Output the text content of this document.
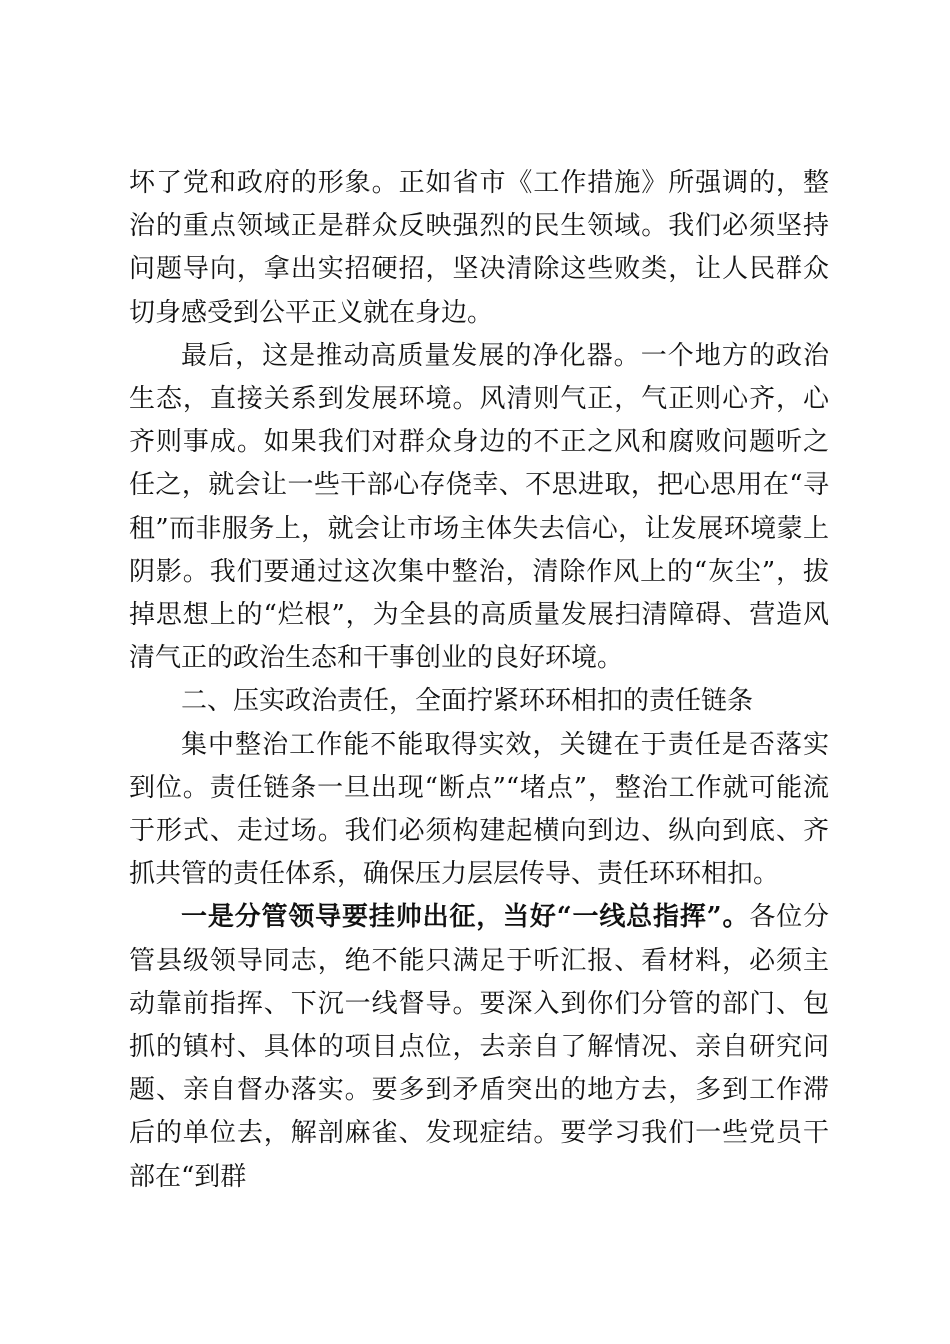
坏了党和政府的形象。正如省市《工作措施》所强调的，整治的重点领域正是群众反映强烈的民生领域。我们必须坚持问题导向，拿出实招硬招，坚决清除这些败类，让人民群众切身感受到公平正义就在身边。

最后，这是推动高质量发展的净化器。一个地方的政治生态，直接关系到发展环境。风清则气正，气正则心齐，心齐则事成。如果我们对群众身边的不正之风和腐败问题听之任之，就会让一些干部心存侥幸、不思进取，把心思用在“寻租”而非服务上，就会让市场主体失去信心，让发展环境蒙上阴影。我们要通过这次集中整治，清除作风上的“灰尘”，拔掉思想上的“烂根”，为全县的高质量发展扫清障碍、营造风清气正的政治生态和干事创业的良好环境。

二、压实政治责任，全面拧紧环环相扣的责任链条

集中整治工作能不能取得实效，关键在于责任是否落实到位。责任链条一旦出现“断点”“堵点”，整治工作就可能流于形式、走过场。我们必须构建起横向到边、纵向到底、齐抓共管的责任体系，确保压力层层传导、责任环环相扣。

一是分管领导要挂帅出征，当好“一线总指挥”。各位分管县级领导同志，绝不能只满足于听汇报、看材料，必须主动靠前指挥、下沉一线督导。要深入到你们分管的部门、包抓的镇村、具体的项目点位，去亲自了解情况、亲自研究问题、亲自督办落实。要多到矛盾突出的地方去，多到工作滞后的单位去，解剖麻雀、发现症结。要学习我们一些党员干部在“到群
